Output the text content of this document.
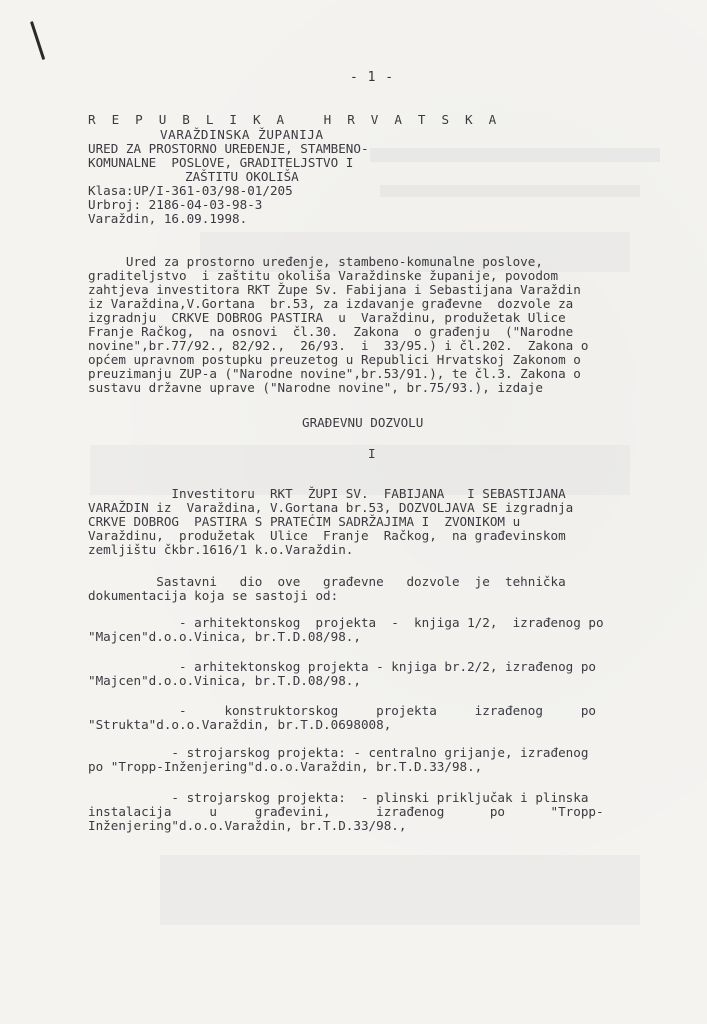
- 1 -
R E P U B L I K A   H R V A T S K A
VARAŽDINSKA ŽUPANIJA
URED ZA PROSTORNO UREĐENJE, STAMBENO-
KOMUNALNE  POSLOVE, GRADITELJSTVO I
ZAŠTITU OKOLIŠA
Klasa:UP/I-361-03/98-01/205
Urbroj: 2186-04-03-98-3
Varaždin, 16.09.1998.
Ured za prostorno uređenje, stambeno-komunalne poslove,
graditeljstvo  i zaštitu okoliša Varaždinske županije, povodom
zahtjeva investitora RKT Župe Sv. Fabijana i Sebastijana Varaždin
iz Varaždina,V.Gortana  br.53, za izdavanje građevne  dozvole za
izgradnju  CRKVE DOBROG PASTIRA  u  Varaždinu, produžetak Ulice
Franje Račkog,  na osnovi  čl.30.  Zakona  o građenju  ("Narodne
novine",br.77/92., 82/92.,  26/93.  i  33/95.) i čl.202.  Zakona o
općem upravnom postupku preuzetog u Republici Hrvatskoj Zakonom o
preuzimanju ZUP-a ("Narodne novine",br.53/91.), te čl.3. Zakona o
sustavu državne uprave ("Narodne novine", br.75/93.), izdaje
GRAĐEVNU DOZVOLU
I
Investitoru  RKT  ŽUPI SV.  FABIJANA   I SEBASTIJANA
VARAŽDIN iz  Varaždina, V.Gortana br.53, DOZVOLJAVA SE izgradnja
CRKVE DOBROG  PASTIRA S PRATEĆIM SADRŽAJIMA I  ZVONIKOM u
Varaždinu,  produžetak  Ulice  Franje  Račkog,  na građevinskom
zemljištu čkbr.1616/1 k.o.Varaždin.
Sastavni   dio  ove   građevne   dozvole  je  tehnička
dokumentacija koja se sastoji od:
- arhitektonskog  projekta  -  knjiga 1/2,  izrađenog po
"Majcen"d.o.o.Vinica, br.T.D.08/98.,
- arhitektonskog projekta - knjiga br.2/2, izrađenog po
"Majcen"d.o.o.Vinica, br.T.D.08/98.,
-     konstruktorskog     projekta     izrađenog     po
"Strukta"d.o.o.Varaždin, br.T.D.0698008,
- strojarskog projekta: - centralno grijanje, izrađenog
po "Tropp-Inženjering"d.o.o.Varaždin, br.T.D.33/98.,
- strojarskog projekta:  - plinski priključak i plinska
instalacija     u     građevini,      izrađenog      po      "Tropp-
Inženjering"d.o.o.Varaždin, br.T.D.33/98.,
